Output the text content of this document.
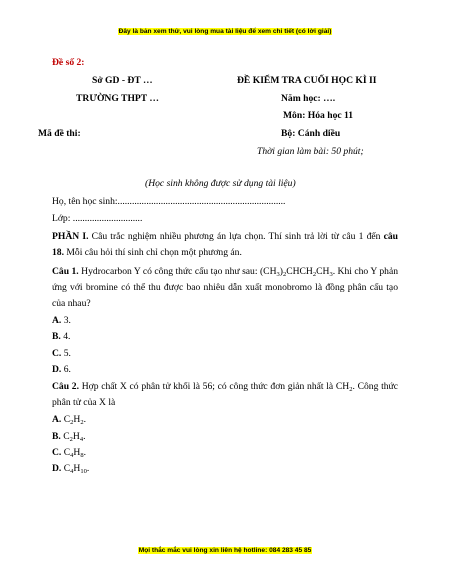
Đây là bản xem thử, vui lòng mua tài liệu để xem chi tiết (có lời giải)
Đề số 2:
Sở GD - ĐT …	ĐỀ KIỂM TRA CUỐI HỌC KÌ II
TRƯỜNG THPT …	Năm học: ….
Môn: Hóa học 11
Mã đề thi:	Bộ: Cánh diều
Thời gian làm bài: 50 phút;
(Học sinh không được sử dụng tài liệu)
Họ, tên học sinh:......................................................................
Lớp: .............................

PHẦN I. Câu trắc nghiệm nhiều phương án lựa chọn. Thí sinh trả lời từ câu 1 đến câu 18. Mỗi câu hỏi thí sinh chỉ chọn một phương án.

Câu 1. Hydrocarbon Y có công thức cấu tạo như sau: $(CH_3)_2CHCH_2CH_3$. Khi cho Y phản ứng với bromine có thể thu được bao nhiêu dẫn xuất monobromo là đồng phân cấu tạo của nhau?

A. 3.

B. 4.

C. 5.

D. 6.

Câu 2. Hợp chất X có phân tử khối là 56; có công thức đơn giản nhất là $CH_2$. Công thức phân tử của X là

A. $C_2H_2$.

B. $C_2H_4$.

C. $C_4H_8$.

D. $C_4H_{10}$.

Mọi thắc mắc vui lòng xin liên hệ hotline: 084 283 45 85
